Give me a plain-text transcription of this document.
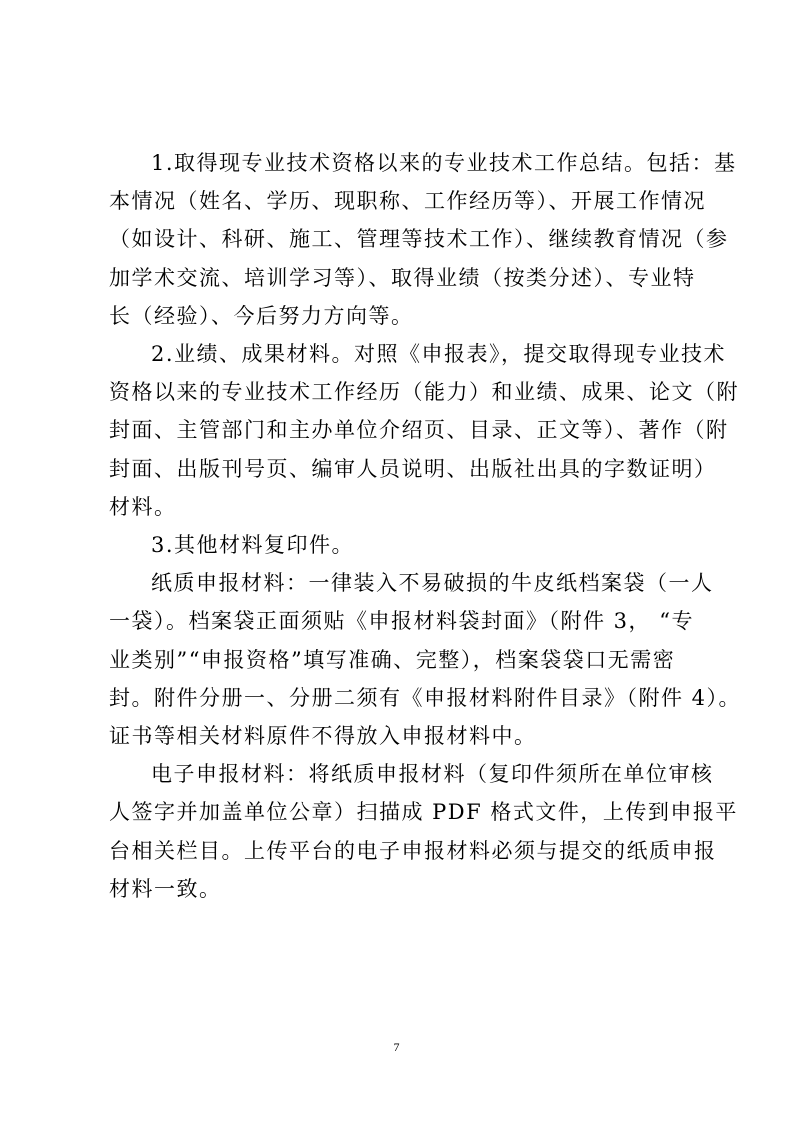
1.取得现专业技术资格以来的专业技术工作总结。包括：基
本情况（姓名、学历、现职称、工作经历等）、开展工作情况
（如设计、科研、施工、管理等技术工作）、继续教育情况（参
加学术交流、培训学习等）、取得业绩（按类分述）、专业特
长（经验）、今后努力方向等。

2.业绩、成果材料。对照《申报表》，提交取得现专业技术
资格以来的专业技术工作经历（能力）和业绩、成果、论文（附
封面、主管部门和主办单位介绍页、目录、正文等）、著作（附
封面、出版刊号页、编审人员说明、出版社出具的字数证明）
材料。

3.其他材料复印件。

纸质申报材料：一律装入不易破损的牛皮纸档案袋（一人
一袋）。档案袋正面须贴《申报材料袋封面》（附件 3， “专
业类别”“申报资格”填写准确、完整），档案袋袋口无需密
封。附件分册一、分册二须有《申报材料附件目录》（附件 4）。
证书等相关材料原件不得放入申报材料中。

电子申报材料：将纸质申报材料（复印件须所在单位审核
人签字并加盖单位公章）扫描成 PDF 格式文件，上传到申报平
台相关栏目。上传平台的电子申报材料必须与提交的纸质申报
材料一致。

7
